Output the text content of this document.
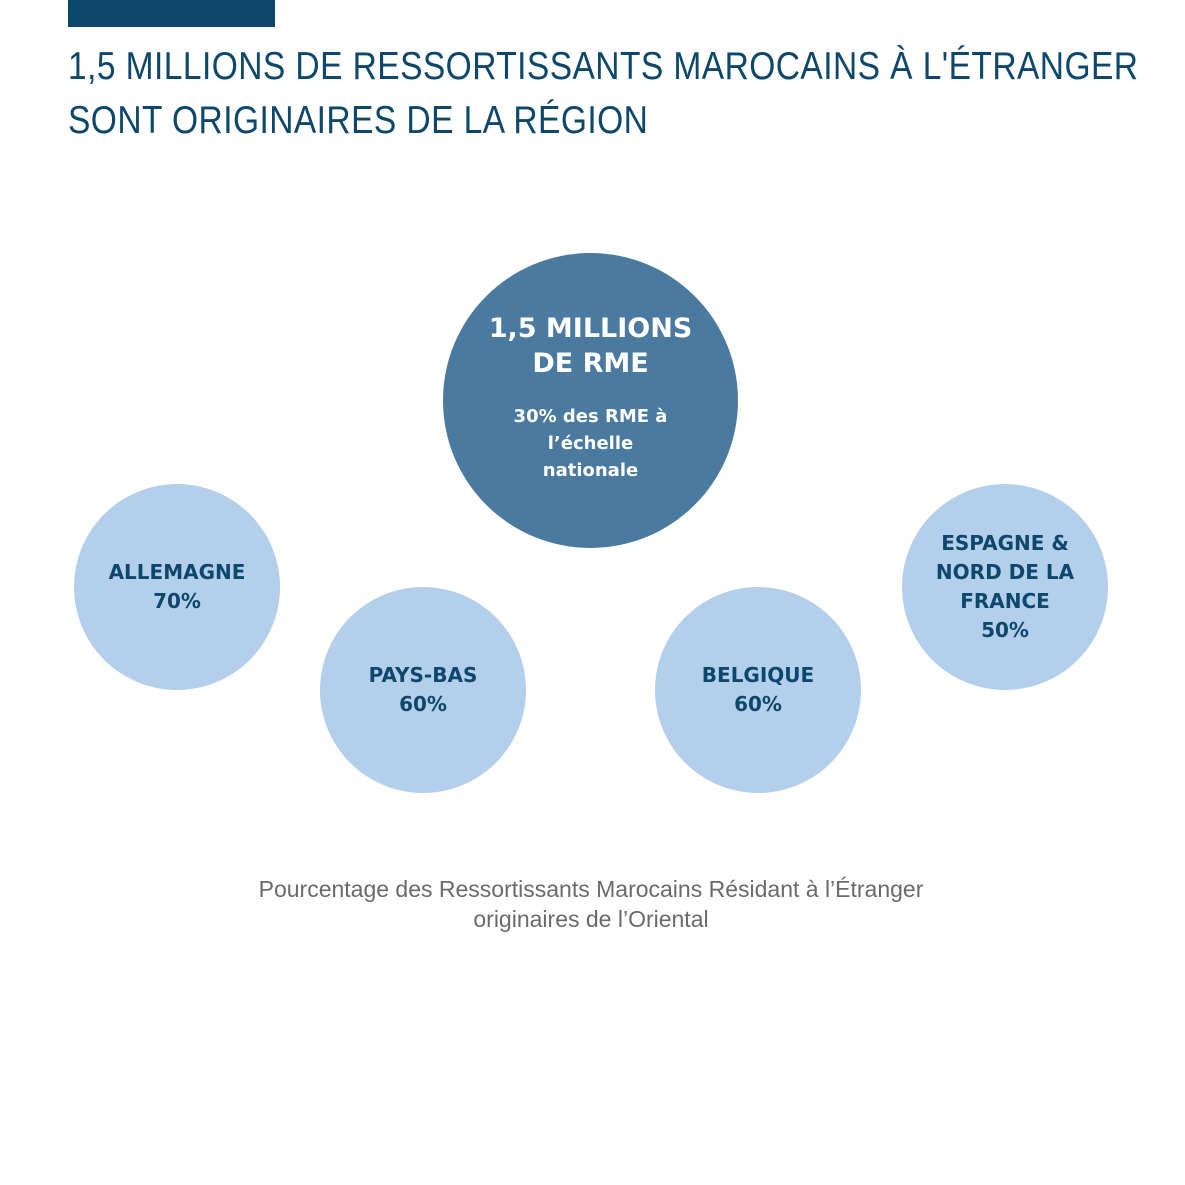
1,5 MILLIONS DE RESSORTISSANTS MAROCAINS À L'ÉTRANGER
SONT ORIGINAIRES DE LA RÉGION
1,5 MILLIONS DE RME
30% des RME à l’échelle nationale
ALLEMAGNE
70%
PAYS-BAS
60%
BELGIQUE
60%
ESPAGNE & NORD DE LA FRANCE
50%
Pourcentage des Ressortissants Marocains Résidant à l’Étranger
originaires de l’Oriental
